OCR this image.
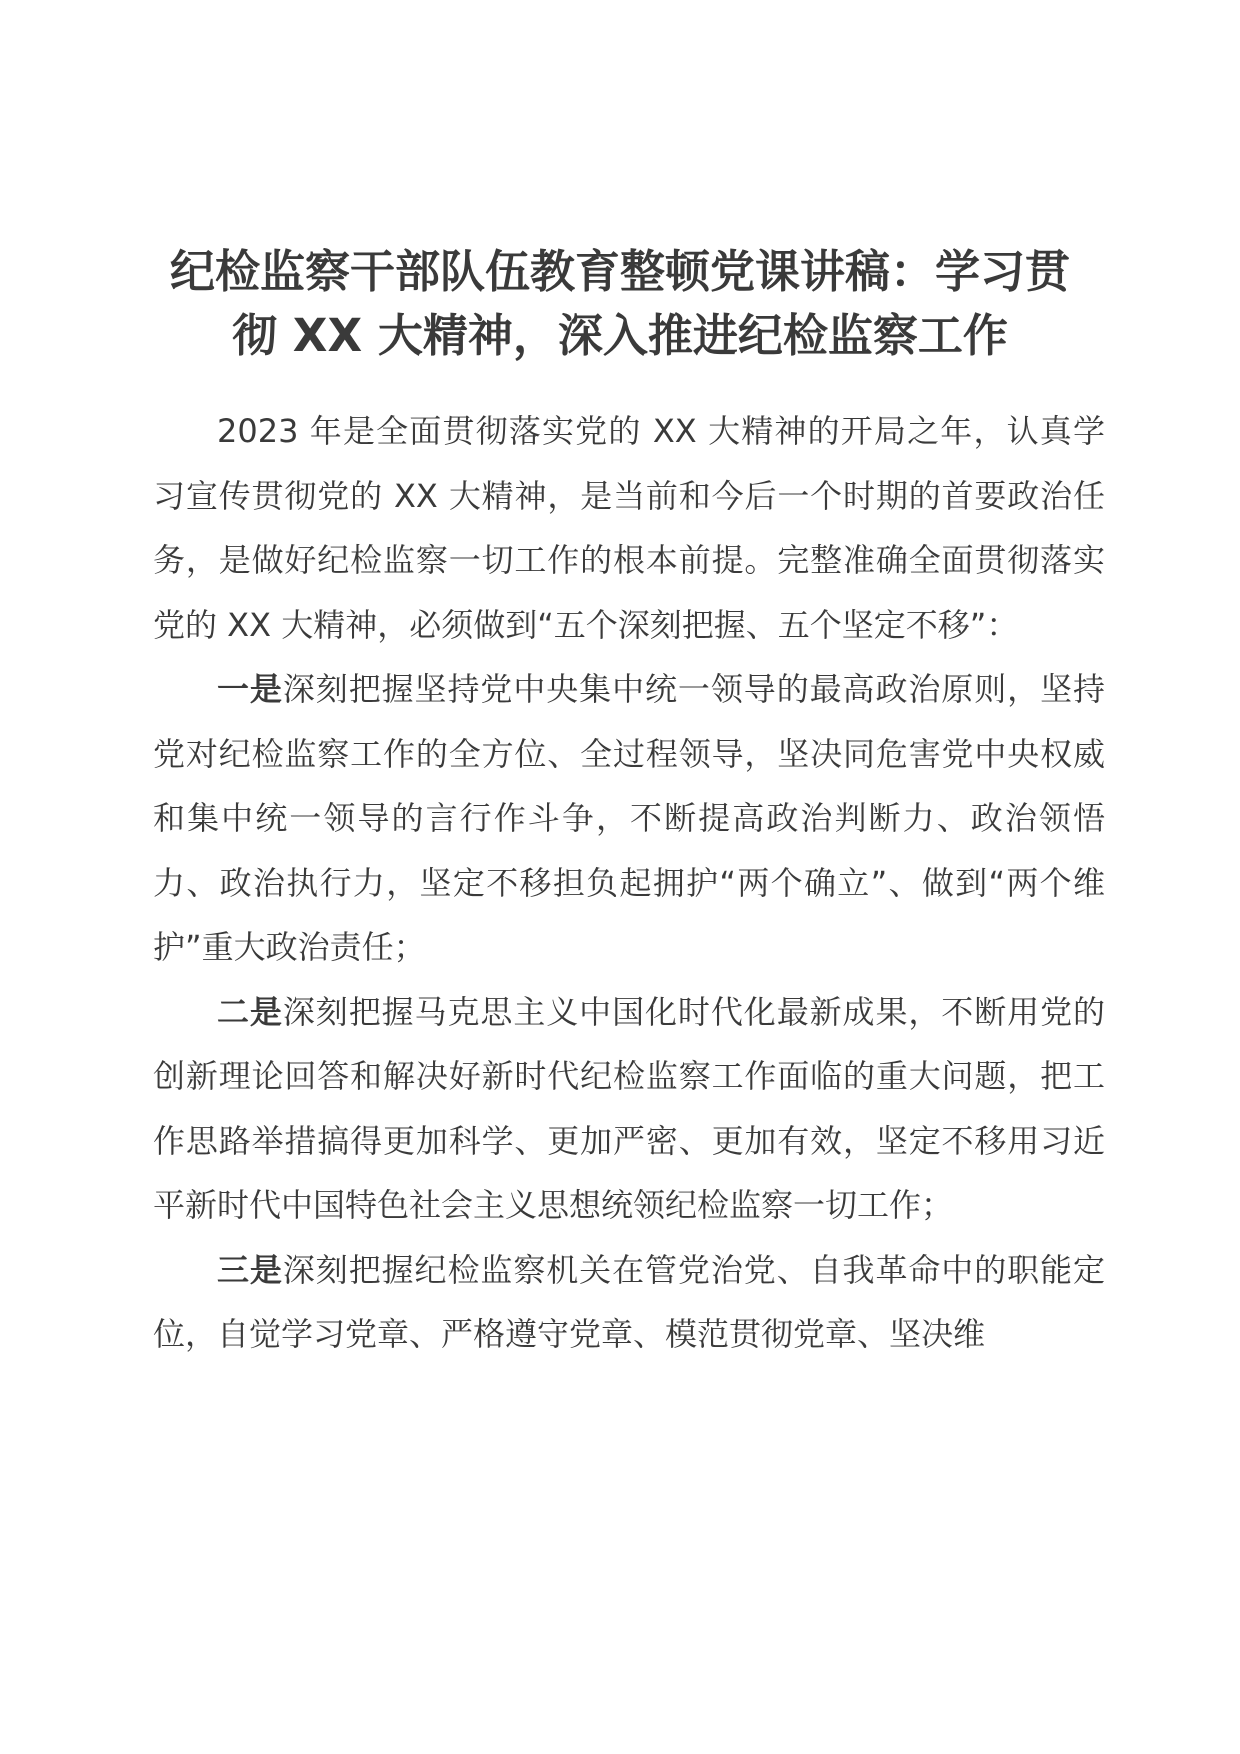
纪检监察干部队伍教育整顿党课讲稿：学习贯彻 XX 大精神，深入推进纪检监察工作

2023 年是全面贯彻落实党的 XX 大精神的开局之年，认真学习宣传贯彻党的 XX 大精神，是当前和今后一个时期的首要政治任务，是做好纪检监察一切工作的根本前提。完整准确全面贯彻落实党的 XX 大精神，必须做到“五个深刻把握、五个坚定不移”：

一是深刻把握坚持党中央集中统一领导的最高政治原则，坚持党对纪检监察工作的全方位、全过程领导，坚决同危害党中央权威和集中统一领导的言行作斗争，不断提高政治判断力、政治领悟力、政治执行力，坚定不移担负起拥护“两个确立”、做到“两个维护”重大政治责任；

二是深刻把握马克思主义中国化时代化最新成果，不断用党的创新理论回答和解决好新时代纪检监察工作面临的重大问题，把工作思路举措搞得更加科学、更加严密、更加有效，坚定不移用习近平新时代中国特色社会主义思想统领纪检监察一切工作；

三是深刻把握纪检监察机关在管党治党、自我革命中的职能定位，自觉学习党章、严格遵守党章、模范贯彻党章、坚决维
